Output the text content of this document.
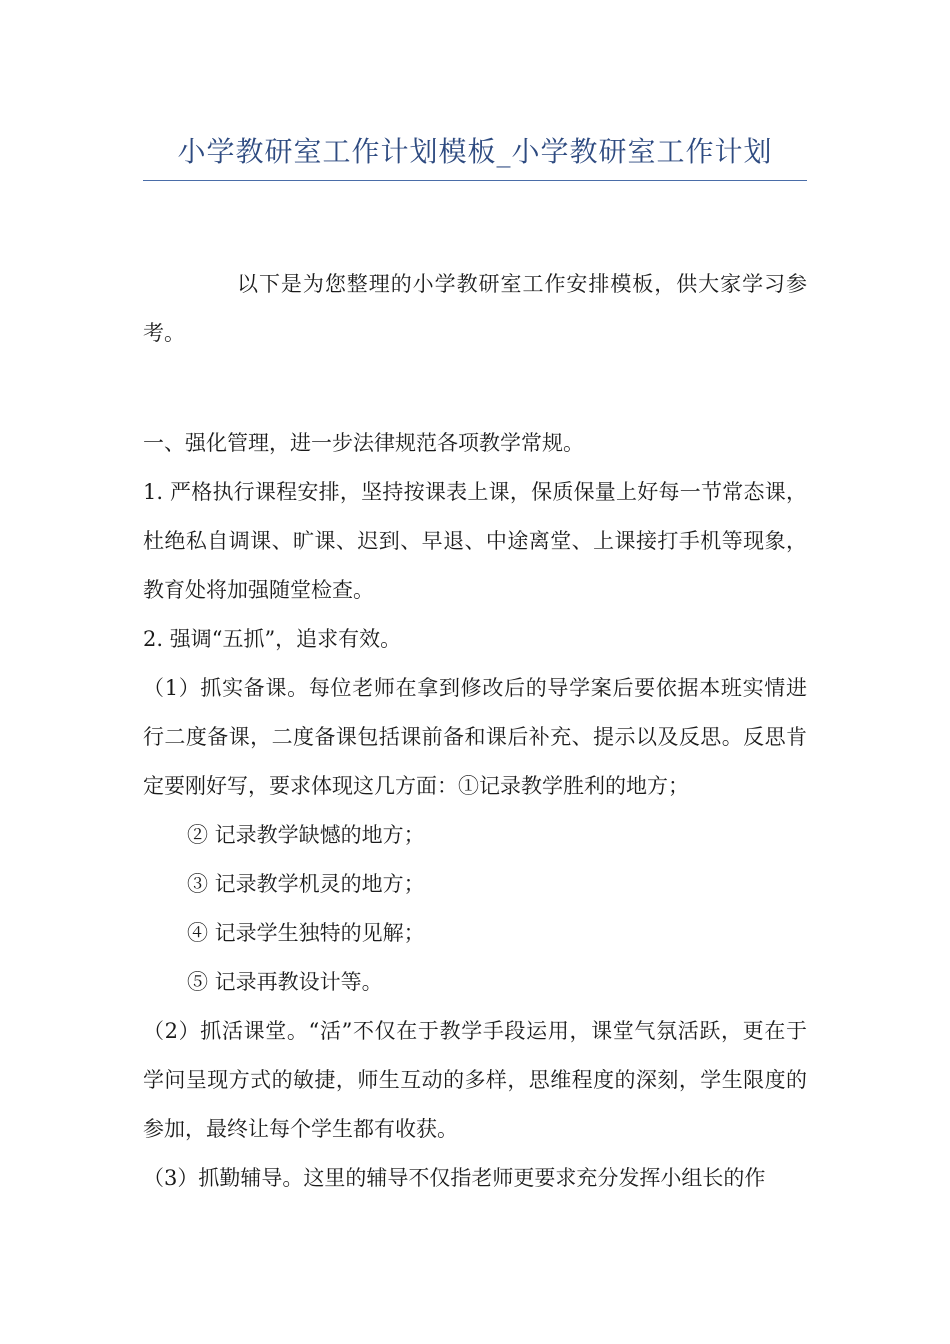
小学教研室工作计划模板_小学教研室工作计划

以下是为您整理的小学教研室工作安排模板，供大家学习参考。

一、强化管理，进一步法律规范各项教学常规。

1. 严格执行课程安排，坚持按课表上课，保质保量上好每一节常态课，杜绝私自调课、旷课、迟到、早退、中途离堂、上课接打手机等现象，教育处将加强随堂检查。

2. 强调“五抓”，追求有效。

（1）抓实备课。每位老师在拿到修改后的导学案后要依据本班实情进行二度备课，二度备课包括课前备和课后补充、提示以及反思。反思肯定要刚好写，要求体现这几方面：①记录教学胜利的地方；

② 记录教学缺憾的地方；

③ 记录教学机灵的地方；

④ 记录学生独特的见解；

⑤ 记录再教设计等。

（2）抓活课堂。“活”不仅在于教学手段运用，课堂气氛活跃，更在于学问呈现方式的敏捷，师生互动的多样，思维程度的深刻，学生限度的参加，最终让每个学生都有收获。

（3）抓勤辅导。这里的辅导不仅指老师更要求充分发挥小组长的作
